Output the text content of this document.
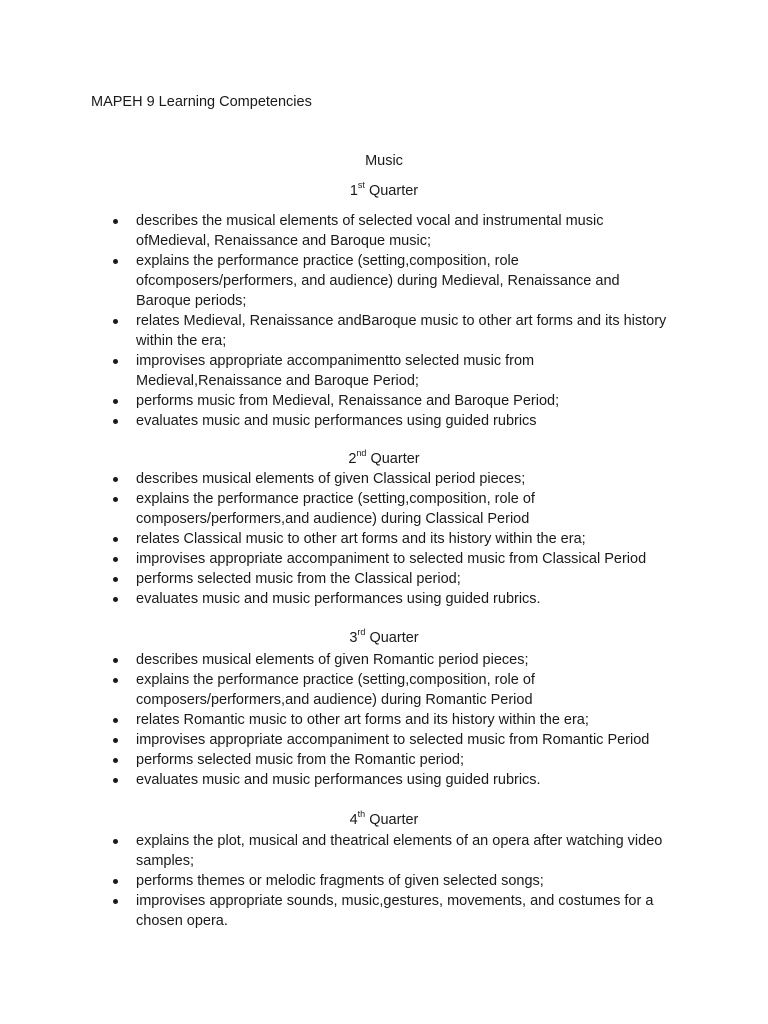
MAPEH 9 Learning Competencies
Music
1st Quarter
describes the musical elements of selected vocal and instrumental music ofMedieval, Renaissance and Baroque music;
explains the performance practice (setting,composition, role ofcomposers/performers, and audience) during Medieval, Renaissance and Baroque periods;
relates Medieval, Renaissance andBaroque music to other art forms and its history within the era;
improvises appropriate accompanimentto selected music from Medieval,Renaissance and Baroque Period;
performs music from Medieval, Renaissance and Baroque Period;
evaluates music and music performances using guided rubrics
2nd Quarter
describes musical elements of given Classical period pieces;
explains the performance practice (setting,composition, role of composers/performers,and audience) during Classical Period
relates Classical music to other art forms and its history within the era;
improvises appropriate accompaniment to selected music from Classical Period
performs selected music from the Classical period;
evaluates music and music performances using guided rubrics.
3rd Quarter
describes musical elements of given Romantic period pieces;
explains the performance practice (setting,composition, role of composers/performers,and audience) during Romantic Period
relates Romantic music to other art forms and its history within the era;
improvises appropriate accompaniment to selected music from Romantic Period
performs selected music from the Romantic period;
evaluates music and music performances using guided rubrics.
4th Quarter
explains the plot, musical and theatrical elements of an opera after watching video samples;
performs themes or melodic fragments of given selected songs;
improvises appropriate sounds, music,gestures, movements, and costumes for a chosen opera.
